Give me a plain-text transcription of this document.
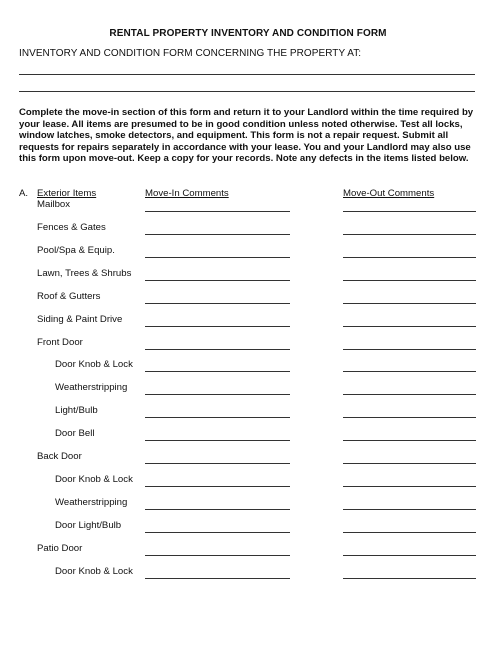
RENTAL PROPERTY INVENTORY AND CONDITION FORM
INVENTORY AND CONDITION FORM CONCERNING THE PROPERTY AT:
Complete the move-in section of this form and return it to your Landlord within the time required by your lease. All items are presumed to be in good condition unless noted otherwise. Test all locks, window latches, smoke detectors, and equipment. This form is not a repair request. Submit all requests for repairs separately in accordance with your lease. You and your Landlord may also use this form upon move-out. Keep a copy for your records. Note any defects in the items listed below.
A. Exterior Items	Move-In Comments	Move-Out Comments
Mailbox
Fences & Gates
Pool/Spa & Equip.
Lawn, Trees & Shrubs
Roof & Gutters
Siding & Paint Drive
Front Door
Door Knob & Lock
Weatherstripping
Light/Bulb
Door Bell
Back Door
Door Knob & Lock
Weatherstripping
Door Light/Bulb
Patio Door
Door Knob & Lock
